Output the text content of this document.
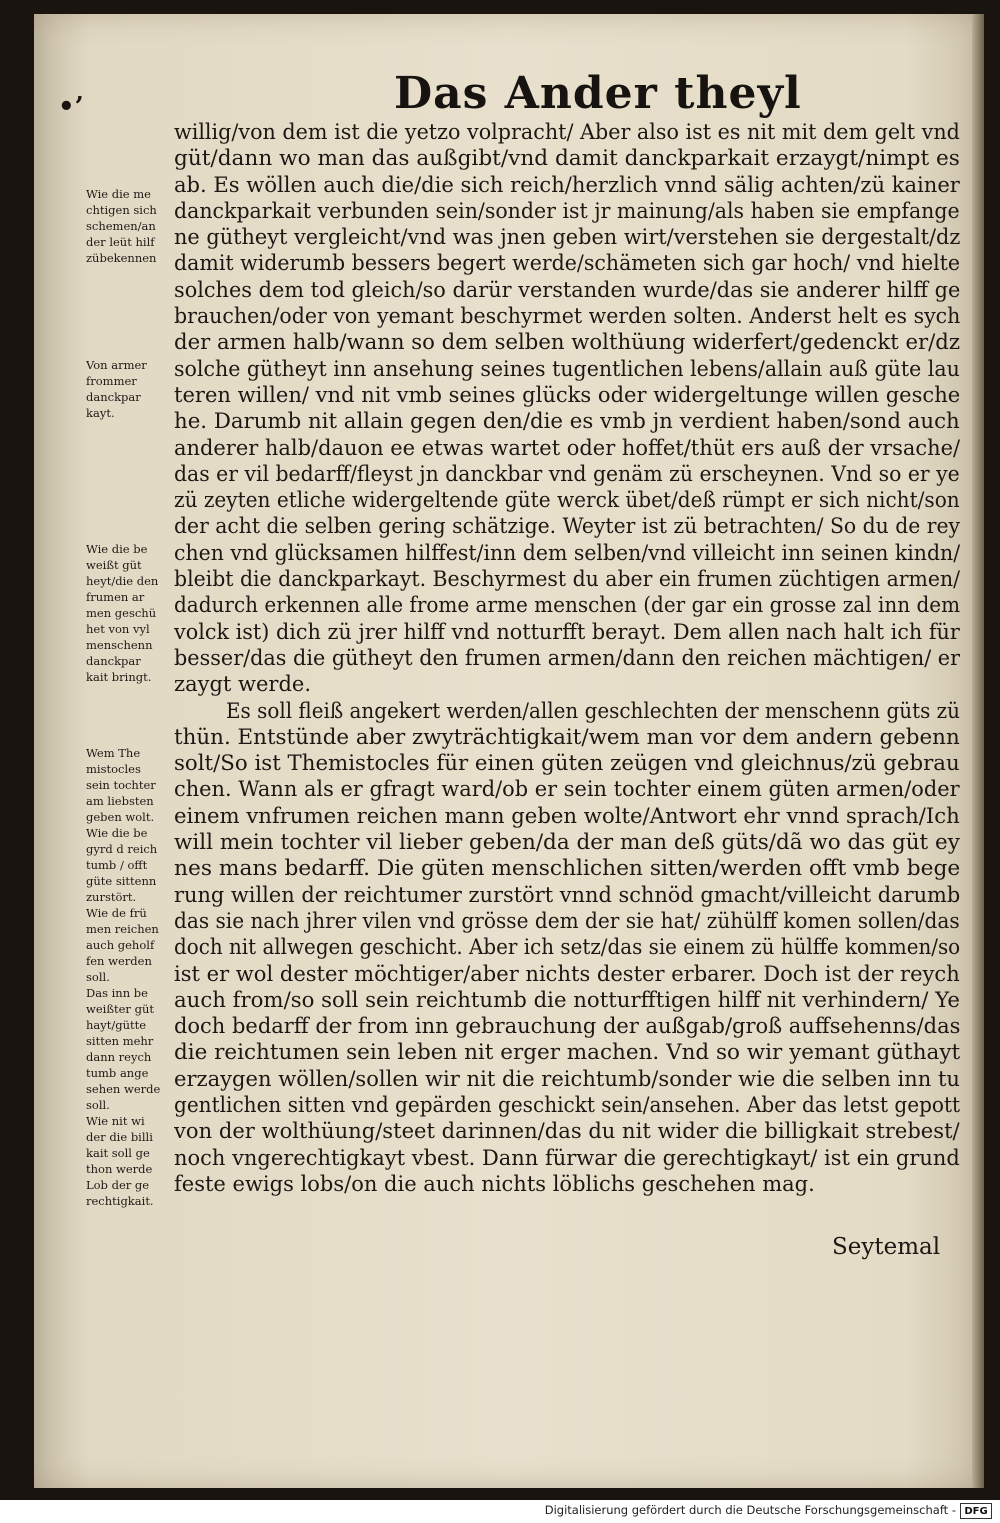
•’	Das Ander theyl
willig/von dem ist die yetzo volpracht/ Aber also ist es nit mit dem gelt vnd
güt/dann wo man das außgibt/vnd damit danckparkait erzaygt/nimpt es
ab. Es wöllen auch die/die sich reich/herzlich vnnd sälig achten/zü kainer
danckparkait verbunden sein/sonder ist jr mainung/als haben sie empfange
ne gütheyt vergleicht/vnd was jnen geben wirt/verstehen sie dergestalt/dz
damit widerumb bessers begert werde/schämeten sich gar hoch/ vnd hielte
solches dem tod gleich/so darür verstanden wurde/das sie anderer hilff ge
brauchen/oder von yemant beschyrmet werden solten. Anderst helt es sych
der armen halb/wann so dem selben wolthüung widerfert/gedenckt er/dz
solche gütheyt inn ansehung seines tugentlichen lebens/allain auß güte lau
teren willen/ vnd nit vmb seines glücks oder widergeltunge willen gesche
he. Darumb nit allain gegen den/die es vmb jn verdient haben/sond auch
anderer halb/dauon ee etwas wartet oder hoffet/thüt ers auß der vrsache/
das er vil bedarff/fleyst jn danckbar vnd genäm zü erscheynen. Vnd so er ye
zü zeyten etliche widergeltende güte werck übet/deß rümpt er sich nicht/son
der acht die selben gering schätzige. Weyter ist zü betrachten/ So du de rey
chen vnd glücksamen hilffest/inn dem selben/vnd villeicht inn seinen kindn/
bleibt die danckparkayt. Beschyrmest du aber ein frumen züchtigen armen/
dadurch erkennen alle frome arme menschen (der gar ein grosse zal inn dem
volck ist) dich zü jrer hilff vnd notturfft berayt. Dem allen nach halt ich für
besser/das die gütheyt den frumen armen/dann den reichen mächtigen/ er
zaygt werde.
Es soll fleiß angekert werden/allen geschlechten der menschenn güts zü
thün. Entstünde aber zwyträchtigkait/wem man vor dem andern gebenn
solt/So ist Themistocles für einen güten zeügen vnd gleichnus/zü gebrau
chen. Wann als er gfragt ward/ob er sein tochter einem güten armen/oder
einem vnfrumen reichen mann geben wolte/Antwort ehr vnnd sprach/Ich
will mein tochter vil lieber geben/da der man deß güts/dã wo das güt ey
nes mans bedarff. Die güten menschlichen sitten/werden offt vmb bege
rung willen der reichtumer zurstört vnnd schnöd gmacht/villeicht darumb
das sie nach jhrer vilen vnd grösse dem der sie hat/ zühülff komen sollen/das
doch nit allwegen geschicht. Aber ich setz/das sie einem zü hülffe kommen/so
ist er wol dester möchtiger/aber nichts dester erbarer. Doch ist der reych
auch from/so soll sein reichtumb die notturfftigen hilff nit verhindern/ Ye
doch bedarff der from inn gebrauchung der außgab/groß auffsehenns/das
die reichtumen sein leben nit erger machen. Vnd so wir yemant güthayt
erzaygen wöllen/sollen wir nit die reichtumb/sonder wie die selben inn tu
gentlichen sitten vnd gepärden geschickt sein/ansehen. Aber das letst gepott
von der wolthüung/steet darinnen/das du nit wider die billigkait strebest/
noch vngerechtigkayt vbest. Dann fürwar die gerechtigkayt/ ist ein grund
feste ewigs lobs/on die auch nichts löblichs geschehen mag.
Wie die me
chtigen sich
schemen/an
der leüt hilf
zübekennen
Von armer
frommer
danckpar
kayt.
Wie die be
weißt güt
heyt/die den
frumen ar
men geschü
het von vyl
menschenn
danckpar
kait bringt.
Wem The
mistocles
sein tochter
am liebsten
geben wolt.
Wie die be
gyrd d reich
tumb / offt
güte sittenn
zurstört.
Wie de frü
men reichen
auch geholf
fen werden
soll.
Das inn be
weißter güt
hayt/gütte
sitten mehr
dann reych
tumb ange
sehen werde
soll.
Wie nit wi
der die billi
kait soll ge
thon werde
Lob der ge
rechtigkait.
Seytemal
Digitalisierung gefördert durch die Deutsche Forschungsgemeinschaft - DFG
